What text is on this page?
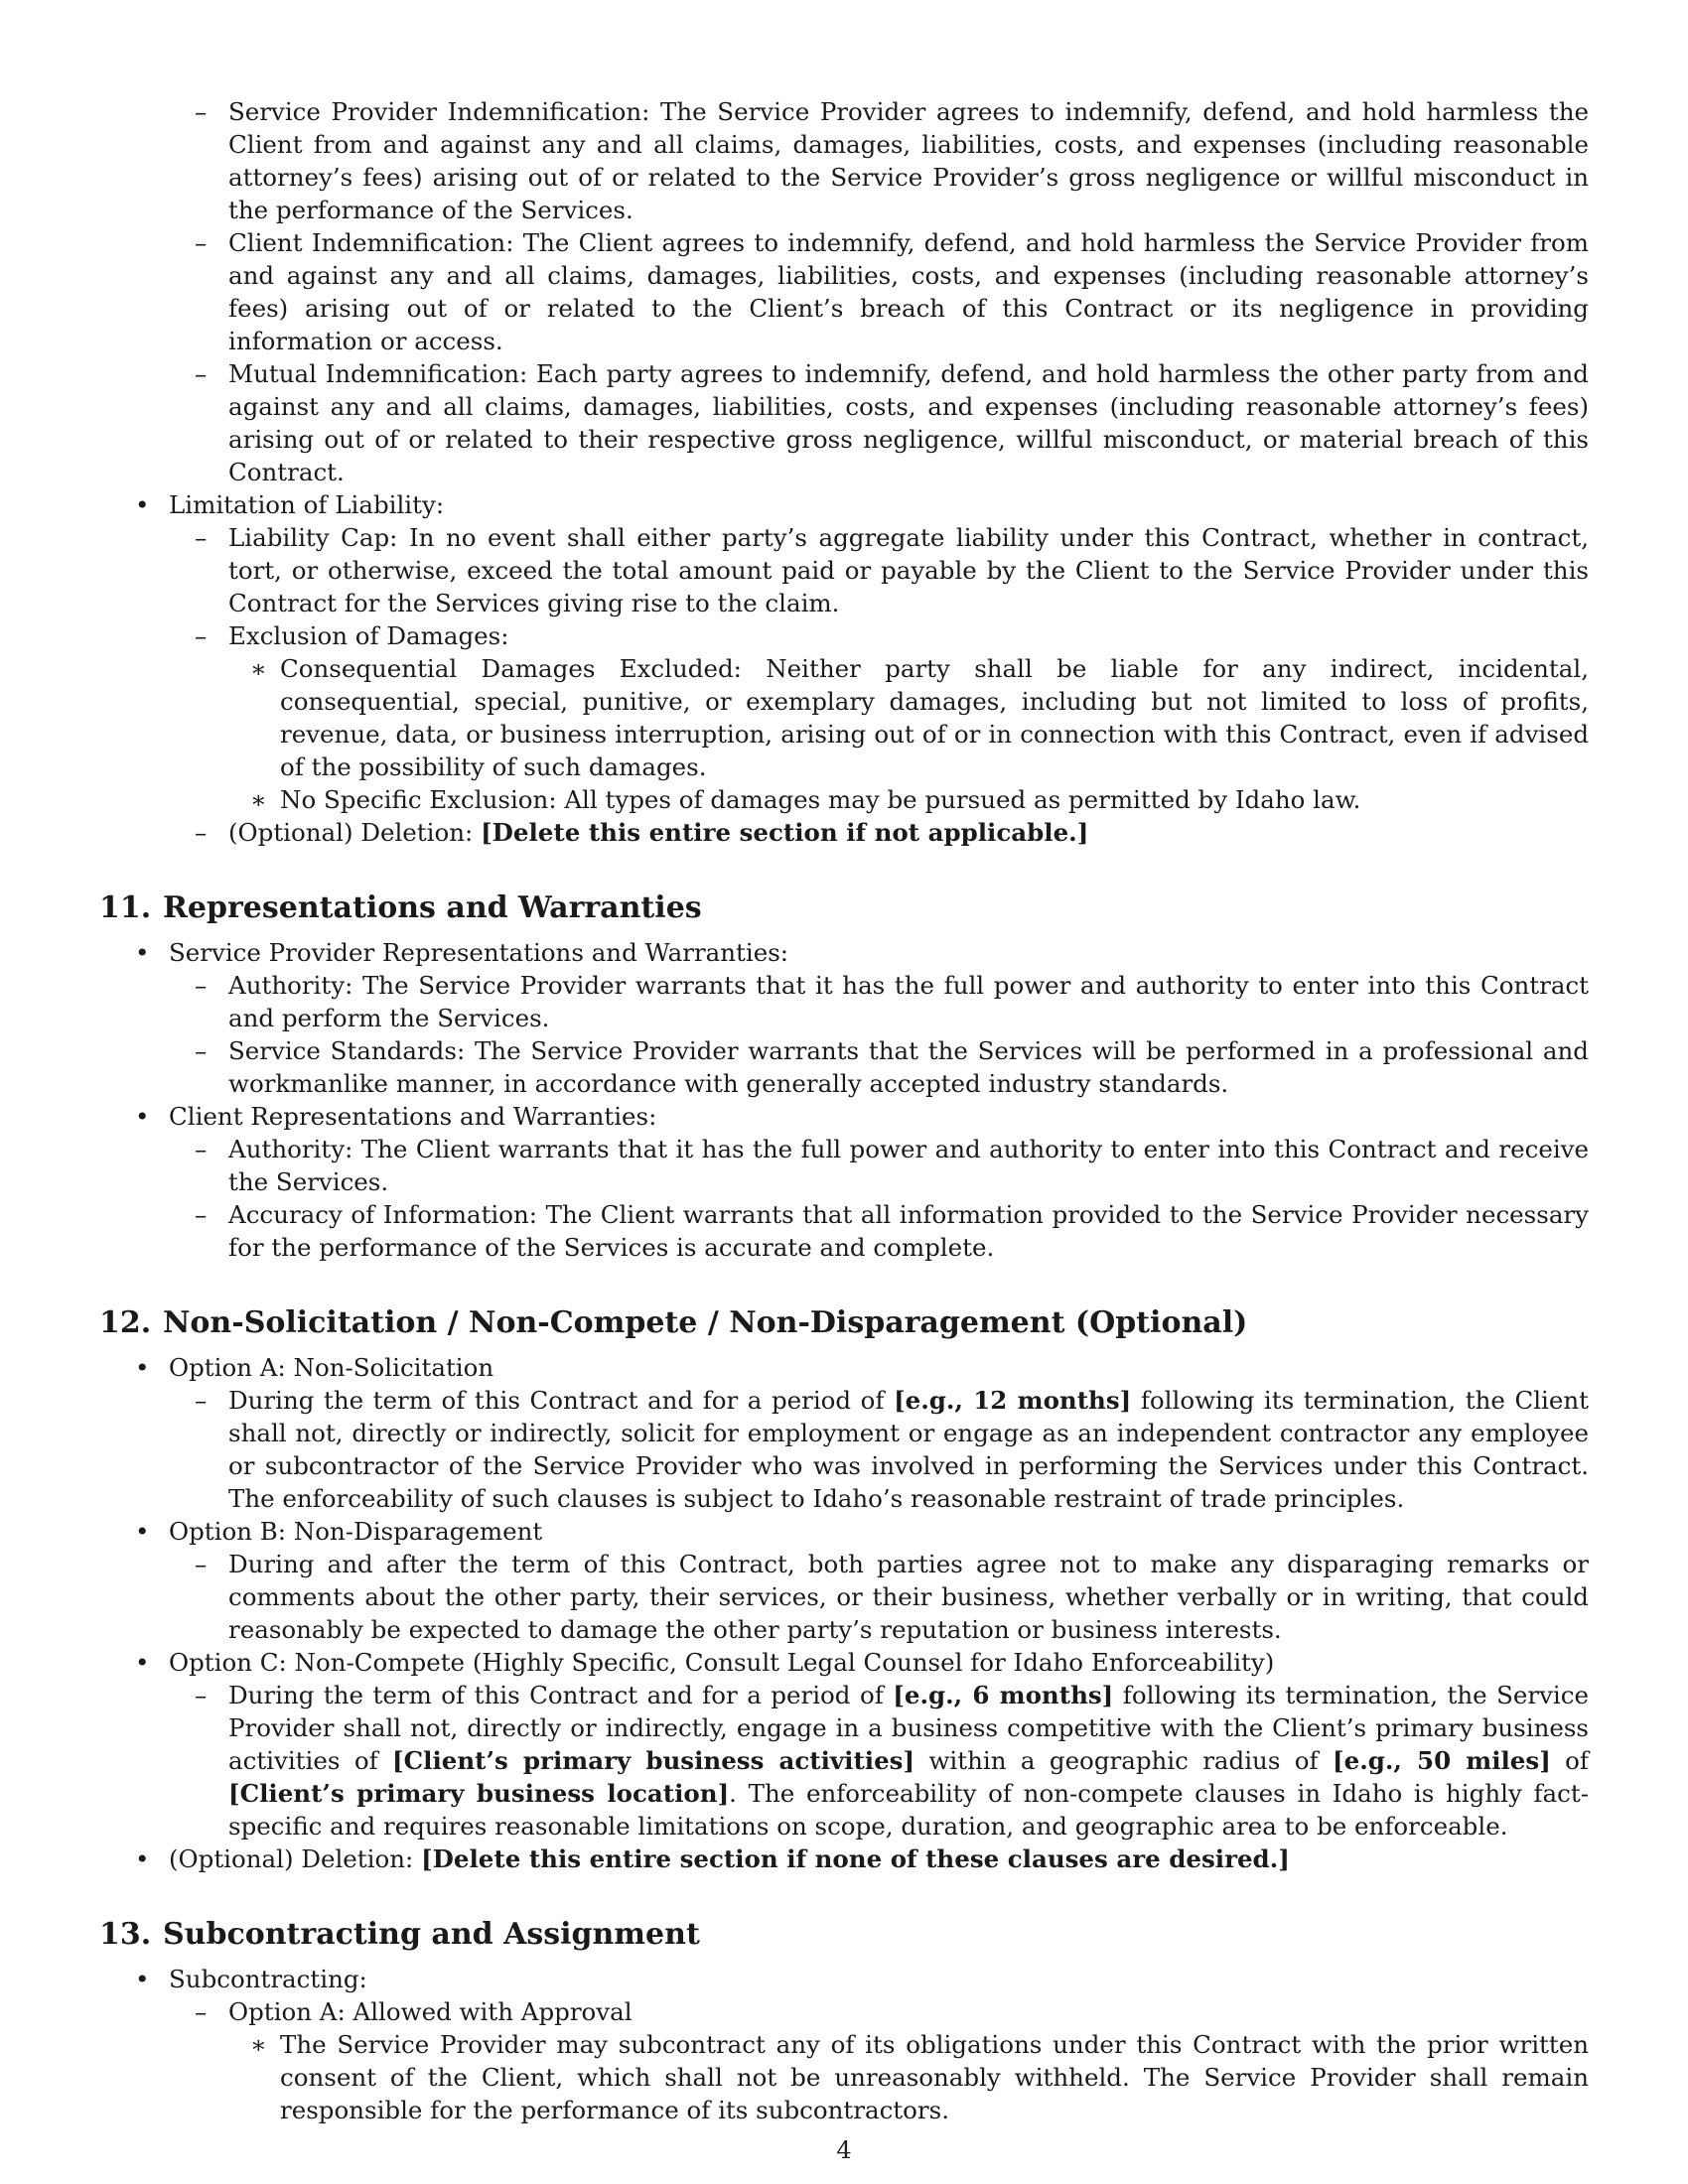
– Service Provider Indemnification: The Service Provider agrees to indemnify, defend, and hold harmless the Client from and against any and all claims, damages, liabilities, costs, and expenses (including reasonable attorney’s fees) arising out of or related to the Service Provider’s gross negligence or willful misconduct in the performance of the Services.
– Client Indemnification: The Client agrees to indemnify, defend, and hold harmless the Service Provider from and against any and all claims, damages, liabilities, costs, and expenses (including reasonable attorney’s fees) arising out of or related to the Client’s breach of this Contract or its negligence in providing information or access.
– Mutual Indemnification: Each party agrees to indemnify, defend, and hold harmless the other party from and against any and all claims, damages, liabilities, costs, and expenses (including reasonable attorney’s fees) arising out of or related to their respective gross negligence, willful misconduct, or material breach of this Contract.
• Limitation of Liability:
– Liability Cap: In no event shall either party’s aggregate liability under this Contract, whether in contract, tort, or otherwise, exceed the total amount paid or payable by the Client to the Service Provider under this Contract for the Services giving rise to the claim.
– Exclusion of Damages:
∗ Consequential Damages Excluded: Neither party shall be liable for any indirect, incidental, consequential, special, punitive, or exemplary damages, including but not limited to loss of profits, revenue, data, or business interruption, arising out of or in connection with this Contract, even if advised of the possibility of such damages.
∗ No Specific Exclusion: All types of damages may be pursued as permitted by Idaho law.
– (Optional) Deletion: [Delete this entire section if not applicable.]
11. Representations and Warranties
• Service Provider Representations and Warranties:
– Authority: The Service Provider warrants that it has the full power and authority to enter into this Contract and perform the Services.
– Service Standards: The Service Provider warrants that the Services will be performed in a professional and workmanlike manner, in accordance with generally accepted industry standards.
• Client Representations and Warranties:
– Authority: The Client warrants that it has the full power and authority to enter into this Contract and receive the Services.
– Accuracy of Information: The Client warrants that all information provided to the Service Provider necessary for the performance of the Services is accurate and complete.
12. Non-Solicitation / Non-Compete / Non-Disparagement (Optional)
• Option A: Non-Solicitation
– During the term of this Contract and for a period of [e.g., 12 months] following its termination, the Client shall not, directly or indirectly, solicit for employment or engage as an independent contractor any employee or subcontractor of the Service Provider who was involved in performing the Services under this Contract. The enforceability of such clauses is subject to Idaho’s reasonable restraint of trade principles.
• Option B: Non-Disparagement
– During and after the term of this Contract, both parties agree not to make any disparaging remarks or comments about the other party, their services, or their business, whether verbally or in writing, that could reasonably be expected to damage the other party’s reputation or business interests.
• Option C: Non-Compete (Highly Specific, Consult Legal Counsel for Idaho Enforceability)
– During the term of this Contract and for a period of [e.g., 6 months] following its termination, the Service Provider shall not, directly or indirectly, engage in a business competitive with the Client’s primary business activities of [Client’s primary business activities] within a geographic radius of [e.g., 50 miles] of [Client’s primary business location]. The enforceability of non-compete clauses in Idaho is highly fact-specific and requires reasonable limitations on scope, duration, and geographic area to be enforceable.
• (Optional) Deletion: [Delete this entire section if none of these clauses are desired.]
13. Subcontracting and Assignment
• Subcontracting:
– Option A: Allowed with Approval
∗ The Service Provider may subcontract any of its obligations under this Contract with the prior written consent of the Client, which shall not be unreasonably withheld. The Service Provider shall remain responsible for the performance of its subcontractors.
4
